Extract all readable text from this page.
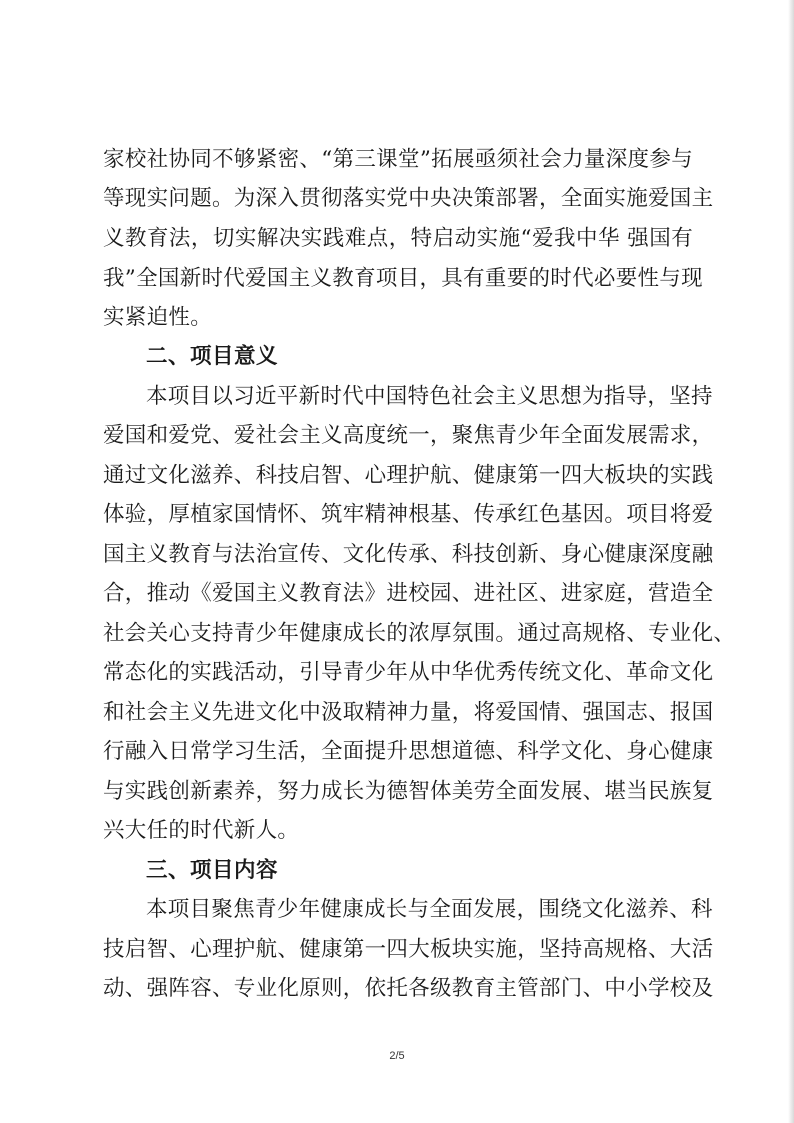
家校社协同不够紧密、“第三课堂”拓展亟须社会力量深度参与
等现实问题。为深入贯彻落实党中央决策部署，全面实施爱国主
义教育法，切实解决实践难点，特启动实施“爱我中华 强国有
我”全国新时代爱国主义教育项目，具有重要的时代必要性与现
实紧迫性。
二、项目意义
本项目以习近平新时代中国特色社会主义思想为指导，坚持
爱国和爱党、爱社会主义高度统一，聚焦青少年全面发展需求，
通过文化滋养、科技启智、心理护航、健康第一四大板块的实践
体验，厚植家国情怀、筑牢精神根基、传承红色基因。项目将爱
国主义教育与法治宣传、文化传承、科技创新、身心健康深度融
合，推动《爱国主义教育法》进校园、进社区、进家庭，营造全
社会关心支持青少年健康成长的浓厚氛围。通过高规格、专业化、
常态化的实践活动，引导青少年从中华优秀传统文化、革命文化
和社会主义先进文化中汲取精神力量，将爱国情、强国志、报国
行融入日常学习生活，全面提升思想道德、科学文化、身心健康
与实践创新素养，努力成长为德智体美劳全面发展、堪当民族复
兴大任的时代新人。
三、项目内容
本项目聚焦青少年健康成长与全面发展，围绕文化滋养、科
技启智、心理护航、健康第一四大板块实施，坚持高规格、大活
动、强阵容、专业化原则，依托各级教育主管部门、中小学校及
2/5
